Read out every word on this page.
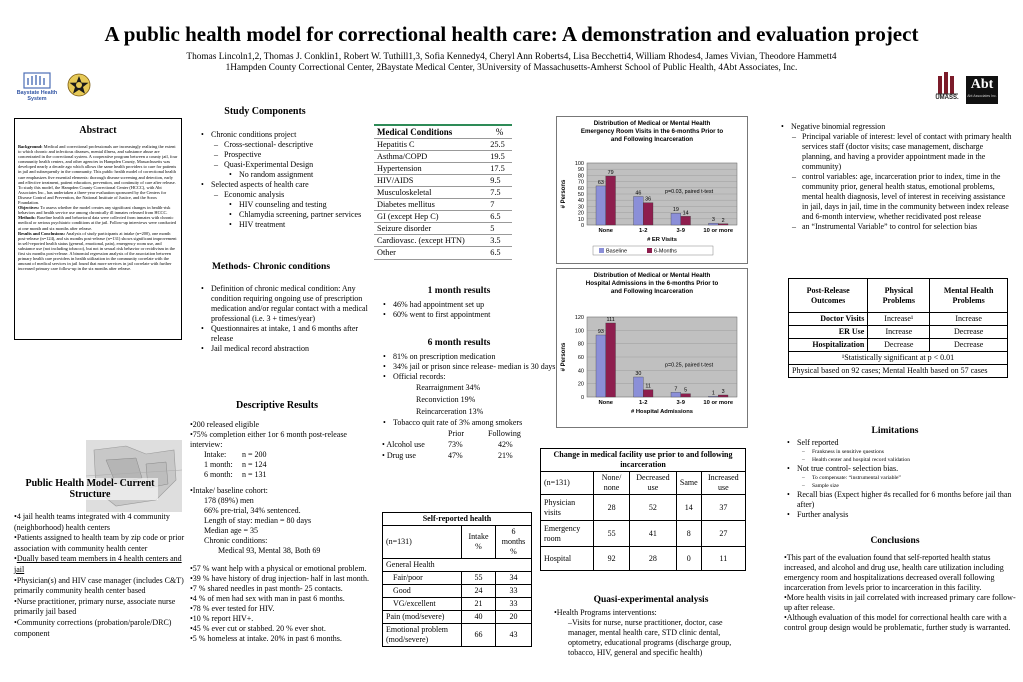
A public health model for correctional health care: A demonstration and evaluation project
Thomas Lincoln1,2, Thomas J. Conklin1, Robert W. Tuthill1,3, Sofia Kennedy4, Cheryl Ann Roberts4, Lisa Becchetti4, William Rhodes4, James Vivian, Theodore Hammett4
1Hampden County Correctional Center, 2Baystate Medical Center, 3University of Massachusetts-Amherst School of Public Health, 4Abt Associates, Inc.
Baystate Health System	UMASS.
Abt
Abt Associates Inc.
Abstract
Background: Medical and correctional professionals are increasingly realizing the extent to which chronic and infectious diseases, mental illness, and substance abuse are concentrated in the correctional system. A cooperative program between a county jail, four community health centers, and other agencies in Hampden County, Massachusetts was developed nearly a decade ago which allows the same health providers to care for patients in jail and subsequently in the community. This public health model of correctional health care emphasizes five essential elements: thorough disease screening and detection, early and effective treatment, patient education, prevention, and continuity of care after release. To study this model, the Hampden County Correctional Center (HCCC), with Abt Associates Inc., has undertaken a three-year evaluation sponsored by the Centers for Disease Control and Prevention, the National Institute of Justice, and the Soros Foundation.
Objectives: To assess whether the model creates any significant changes in health-risk behaviors and health service use among chronically ill inmates released from HCCC.
Methods: Baseline health and behavioral data were collected from inmates with chronic medical or serious psychiatric conditions at the jail. Follow-up interviews were conducted at one month and six months after release.
Results and Conclusions: Analysis of study participants at intake (n=200), one month post-release (n=124), and six months post-release (n=131) shows significant improvement in self-reported health status (general, emotional, pain), emergency room use, and substance use (not including tobacco), but not in sexual risk behavior or recidivism in the first six months post-release. A binomial regression analysis of the association between primary health care providers in health utilization in the community correlate with the amount of medical services in jail found that more services in jail correlate with further increased primary care follow-up in the six months after release.
Public Health Model- Current Structure
•4 jail health teams integrated with 4 community (neighborhood) health centers
•Patients assigned to health team by zip code or prior association with community health center
•Dually based team members in 4 health centers and jail
•Physician(s) and HIV case manager (includes C&T) primarily community health center based
•Nurse practitioner, primary nurse, associate nurse primarily jail based
•Community corrections (probation/parole/DRC) component
Study Components
• Chronic conditions project
– Cross-sectional- descriptive
– Prospective
– Quasi-Experimental Design
• No random assignment
• Selected aspects of health care
– Economic analysis
• HIV counseling and testing
• Chlamydia screening, partner services
• HIV treatment
Methods- Chronic conditions
• Definition of chronic medical condition: Any condition requiring ongoing use of prescription medication and/or regular contact with a medical professional (i.e. 3 + times/year)
• Questionnaires at intake, 1 and 6 months after release
• Jail medical record abstraction
Descriptive Results
•200 released eligible
•75% completion either 1or 6 month post-release interview:
Intake: n = 200
1 month: n = 124
6 month: n = 131
•Intake/ baseline cohort:
178 (89%) men
66% pre-trial, 34% sentenced.
Length of stay: median = 80 days
Median age = 35
Chronic conditions:
Medical 93, Mental 38, Both 69
•57 % want help with a physical or emotional problem.
•39 % have history of drug injection- half in last month.
•7 % shared needles in past month- 25 contacts.
•4 % of men had sex with man in past 6 months.
•78 % ever tested for HIV.
•10 % report HIV+.
•45 % ever cut or stabbed. 20 % ever shot.
•5 % homeless at intake. 20% in past 6 months.
Medical Conditions	%
Hepatitis C	25.5
Asthma/COPD	19.5
Hypertension	17.5
HIV/AIDS	9.5
Musculoskeletal	7.5
Diabetes mellitus	7
GI (except Hep C)	6.5
Seizure disorder	5
Cardiovasc. (except HTN)	3.5
Other	6.5
1 month results
• 46% had appointment set up
• 60% went to first appointment
6 month results
• 81% on prescription medication
• 34% jail or prison since release- median is 30 days
• Official records:
Rearraignment 34%
Reconviction 19%
Reincarceration 13%
• Tobacco quit rate of 3% among smokers
	Prior	Following
• Alcohol use	73%	42%
• Drug use	47%	21%
Self-reported health		
(n=131)	Intake %	6 months %
General Health		
Fair/poor	55	34
Good	24	33
VG/excellent	21	33
Pain (mod/severe)	40	20
Emotional problem (mod/severe)	66	43
Distribution of Medical or Mental Health
Emergency Room Visits in the 6-months Prior to
and Following Incarceration
0
10
20
30
40
50
60
70
80
90
100
# Persons	63
79
None
46
36
1-2
19
14
3-9
3 2
10 or more
# ER Visits
p=0.03, paired t-test
Baseline	6-Months
Distribution of Medical or Mental Health
Hospital Admissions in the 6-months Prior to
and Following Incarceration
0
20
40
60
80
100
120
# Persons
93
111
None
30
11
1-2
7 5
3-9
1 3
10 or more
# Hospital Admissions
p=0.25, paired t-test
Change in medical facility use prior to and following incarceration				
(n=131)	None/ none	Decreased use	Same	Increased use
Physician visits	28	52	14	37
Emergency room	55	41	8	27
Hospital	92	28	0	11
Quasi-experimental analysis
•Health Programs interventions:
–Visits for nurse, nurse practitioner, doctor, case manager, mental health care, STD clinic dental, optometry, educational programs (discharge group, tobacco, HIV, general and specific health)
• Negative binomial regression
– Principal variable of interest: level of contact with primary health services staff (doctor visits; case management, discharge planning, and having a provider appointment made in the community)
– control variables: age, incarceration prior to index, time in the community prior, general health status, emotional problems, mental health diagnosis, level of interest in receiving assistance in jail, days in jail, time in the community between index release and 6-month interview, whether recidivated post release
– an “Instrumental Variable” to control for selection bias
Post-Release Outcomes	Physical Problems	Mental Health Problems
Doctor Visits	Increase¹	Increase
ER Use	Increase	Decrease
Hospitalization	Decrease	Decrease
¹Statistically significant at p < 0.01		
Physical based on 92 cases; Mental Health based on 57 cases		
Limitations
• Self reported
– Frankness in sensitive questions
– Health center and hospital record validation
• Not true control- selection bias.
– To compensate: “instrumental variable”
– Sample size
• Recall bias (Expect higher #s recalled for 6 months before jail than after)
• Further analysis
Conclusions
•This part of the evaluation found that self-reported health status increased, and alcohol and drug use, health care utilization including emergency room and hospitalizations decreased overall following incarceration from levels prior to incarceration in this facility.
•More health visits in jail correlated with increased primary care follow-up after release.
•Although evaluation of this model for correctional health care with a control group design would be problematic, further study is warranted.
